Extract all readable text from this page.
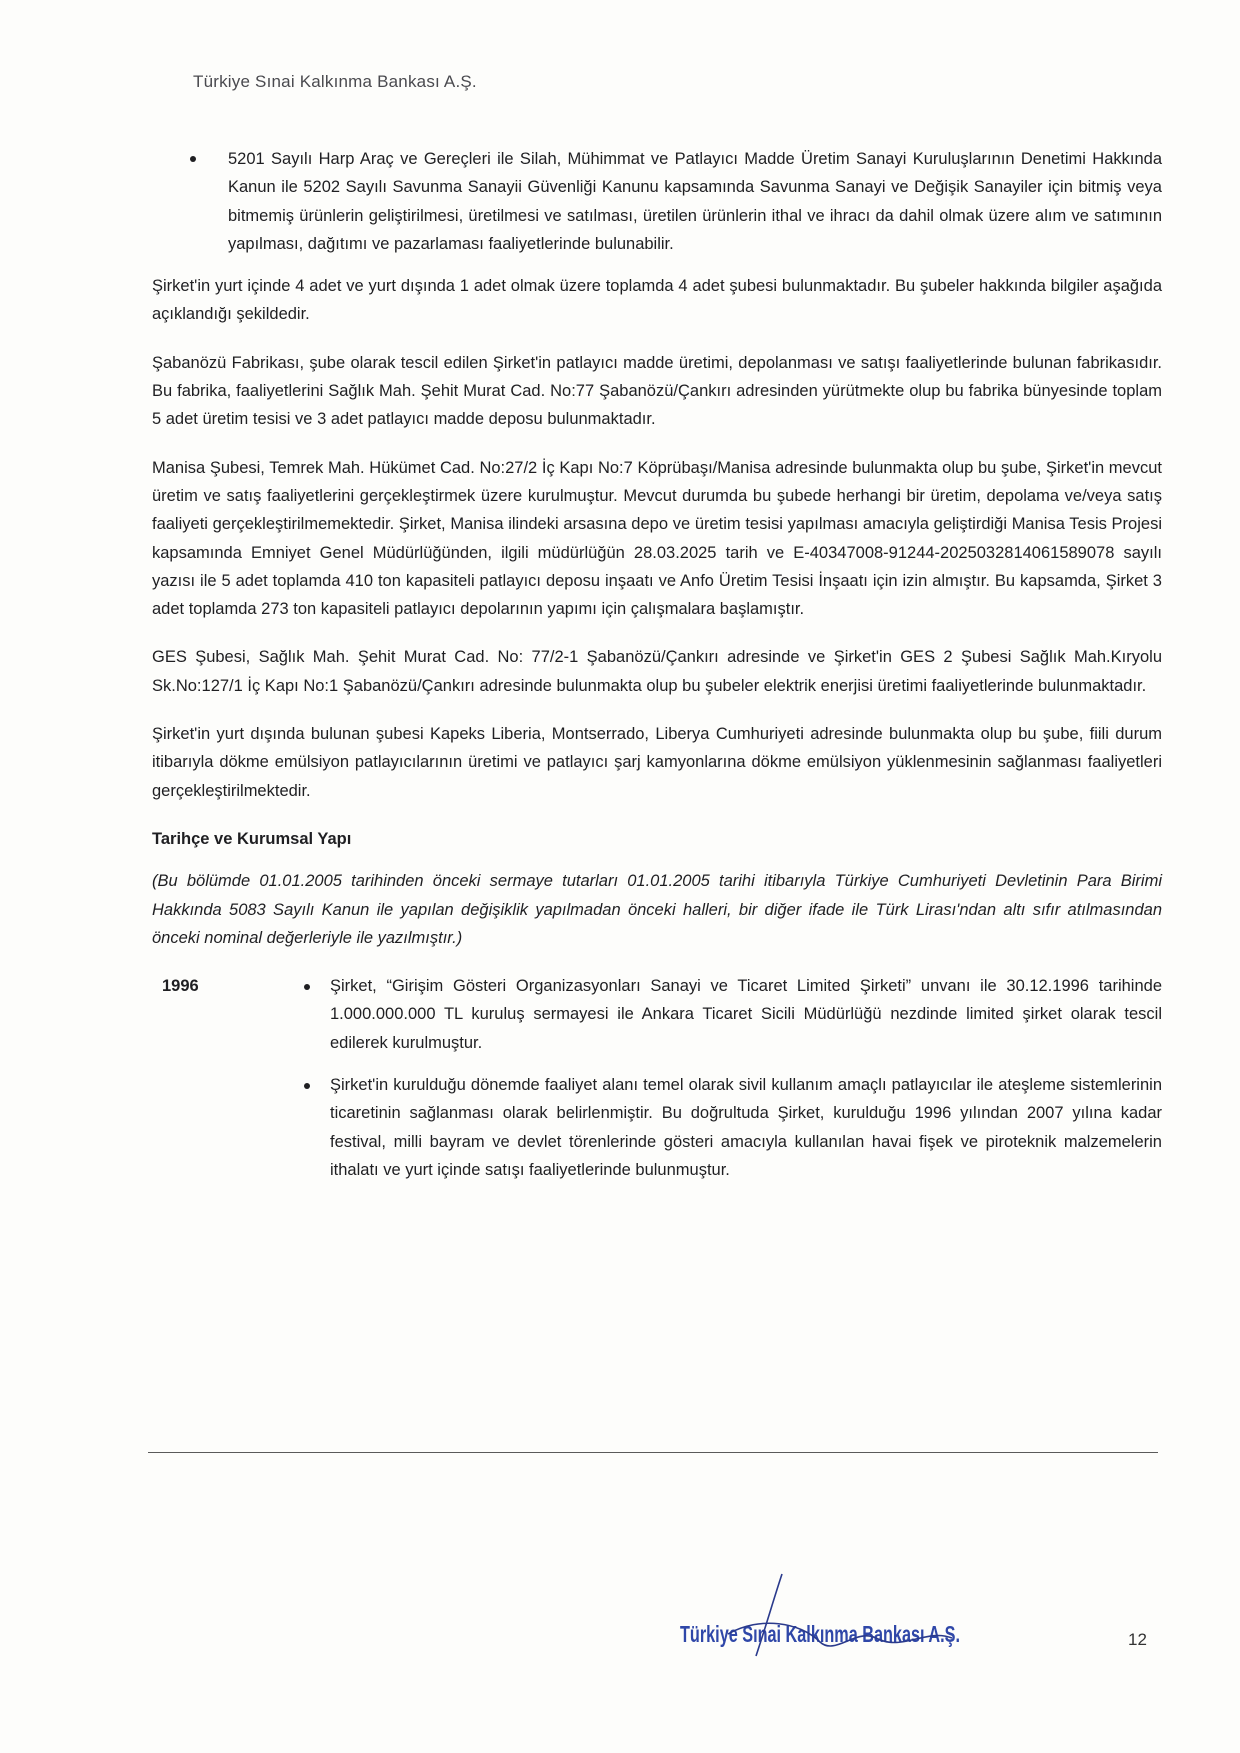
Türkiye Sınai Kalkınma Bankası A.Ş.
5201 Sayılı Harp Araç ve Gereçleri ile Silah, Mühimmat ve Patlayıcı Madde Üretim Sanayi Kuruluşlarının Denetimi Hakkında Kanun ile 5202 Sayılı Savunma Sanayii Güvenliği Kanunu kapsamında Savunma Sanayi ve Değişik Sanayiler için bitmiş veya bitmemiş ürünlerin geliştirilmesi, üretilmesi ve satılması, üretilen ürünlerin ithal ve ihracı da dahil olmak üzere alım ve satımının yapılması, dağıtımı ve pazarlaması faaliyetlerinde bulunabilir.

Şirket'in yurt içinde 4 adet ve yurt dışında 1 adet olmak üzere toplamda 4 adet şubesi bulunmaktadır. Bu şubeler hakkında bilgiler aşağıda açıklandığı şekildedir.

Şabanözü Fabrikası, şube olarak tescil edilen Şirket'in patlayıcı madde üretimi, depolanması ve satışı faaliyetlerinde bulunan fabrikasıdır. Bu fabrika, faaliyetlerini Sağlık Mah. Şehit Murat Cad. No:77 Şabanözü/Çankırı adresinden yürütmekte olup bu fabrika bünyesinde toplam 5 adet üretim tesisi ve 3 adet patlayıcı madde deposu bulunmaktadır.

Manisa Şubesi, Temrek Mah. Hükümet Cad. No:27/2 İç Kapı No:7 Köprübaşı/Manisa adresinde bulunmakta olup bu şube, Şirket'in mevcut üretim ve satış faaliyetlerini gerçekleştirmek üzere kurulmuştur. Mevcut durumda bu şubede herhangi bir üretim, depolama ve/veya satış faaliyeti gerçekleştirilmemektedir. Şirket, Manisa ilindeki arsasına depo ve üretim tesisi yapılması amacıyla geliştirdiği Manisa Tesis Projesi kapsamında Emniyet Genel Müdürlüğünden, ilgili müdürlüğün 28.03.2025 tarih ve E-40347008-91244-2025032814061589078 sayılı yazısı ile 5 adet toplamda 410 ton kapasiteli patlayıcı deposu inşaatı ve Anfo Üretim Tesisi İnşaatı için izin almıştır. Bu kapsamda, Şirket 3 adet toplamda 273 ton kapasiteli patlayıcı depolarının yapımı için çalışmalara başlamıştır.

GES Şubesi, Sağlık Mah. Şehit Murat Cad. No: 77/2-1 Şabanözü/Çankırı adresinde ve Şirket'in GES 2 Şubesi Sağlık Mah.Kıryolu Sk.No:127/1 İç Kapı No:1 Şabanözü/Çankırı adresinde bulunmakta olup bu şubeler elektrik enerjisi üretimi faaliyetlerinde bulunmaktadır.

Şirket'in yurt dışında bulunan şubesi Kapeks Liberia, Montserrado, Liberya Cumhuriyeti adresinde bulunmakta olup bu şube, fiili durum itibarıyla dökme emülsiyon patlayıcılarının üretimi ve patlayıcı şarj kamyonlarına dökme emülsiyon yüklenmesinin sağlanması faaliyetleri gerçekleştirilmektedir.

Tarihçe ve Kurumsal Yapı

(Bu bölümde 01.01.2005 tarihinden önceki sermaye tutarları 01.01.2005 tarihi itibarıyla Türkiye Cumhuriyeti Devletinin Para Birimi Hakkında 5083 Sayılı Kanun ile yapılan değişiklik yapılmadan önceki halleri, bir diğer ifade ile Türk Lirası'ndan altı sıfır atılmasından önceki nominal değerleriyle ile yazılmıştır.)

1996	Şirket, “Girişim Gösteri Organizasyonları Sanayi ve Ticaret Limited Şirketi” unvanı ile 30.12.1996 tarihinde 1.000.000.000 TL kuruluş sermayesi ile Ankara Ticaret Sicili Müdürlüğü nezdinde limited şirket olarak tescil edilerek kurulmuştur.
Şirket'in kurulduğu dönemde faaliyet alanı temel olarak sivil kullanım amaçlı patlayıcılar ile ateşleme sistemlerinin ticaretinin sağlanması olarak belirlenmiştir. Bu doğrultuda Şirket, kurulduğu 1996 yılından 2007 yılına kadar festival, milli bayram ve devlet törenlerinde gösteri amacıyla kullanılan havai fişek ve piroteknik malzemelerin ithalatı ve yurt içinde satışı faaliyetlerinde bulunmuştur.
Türkiye Sınai Kalkınma Bankası A.Ş.	12
